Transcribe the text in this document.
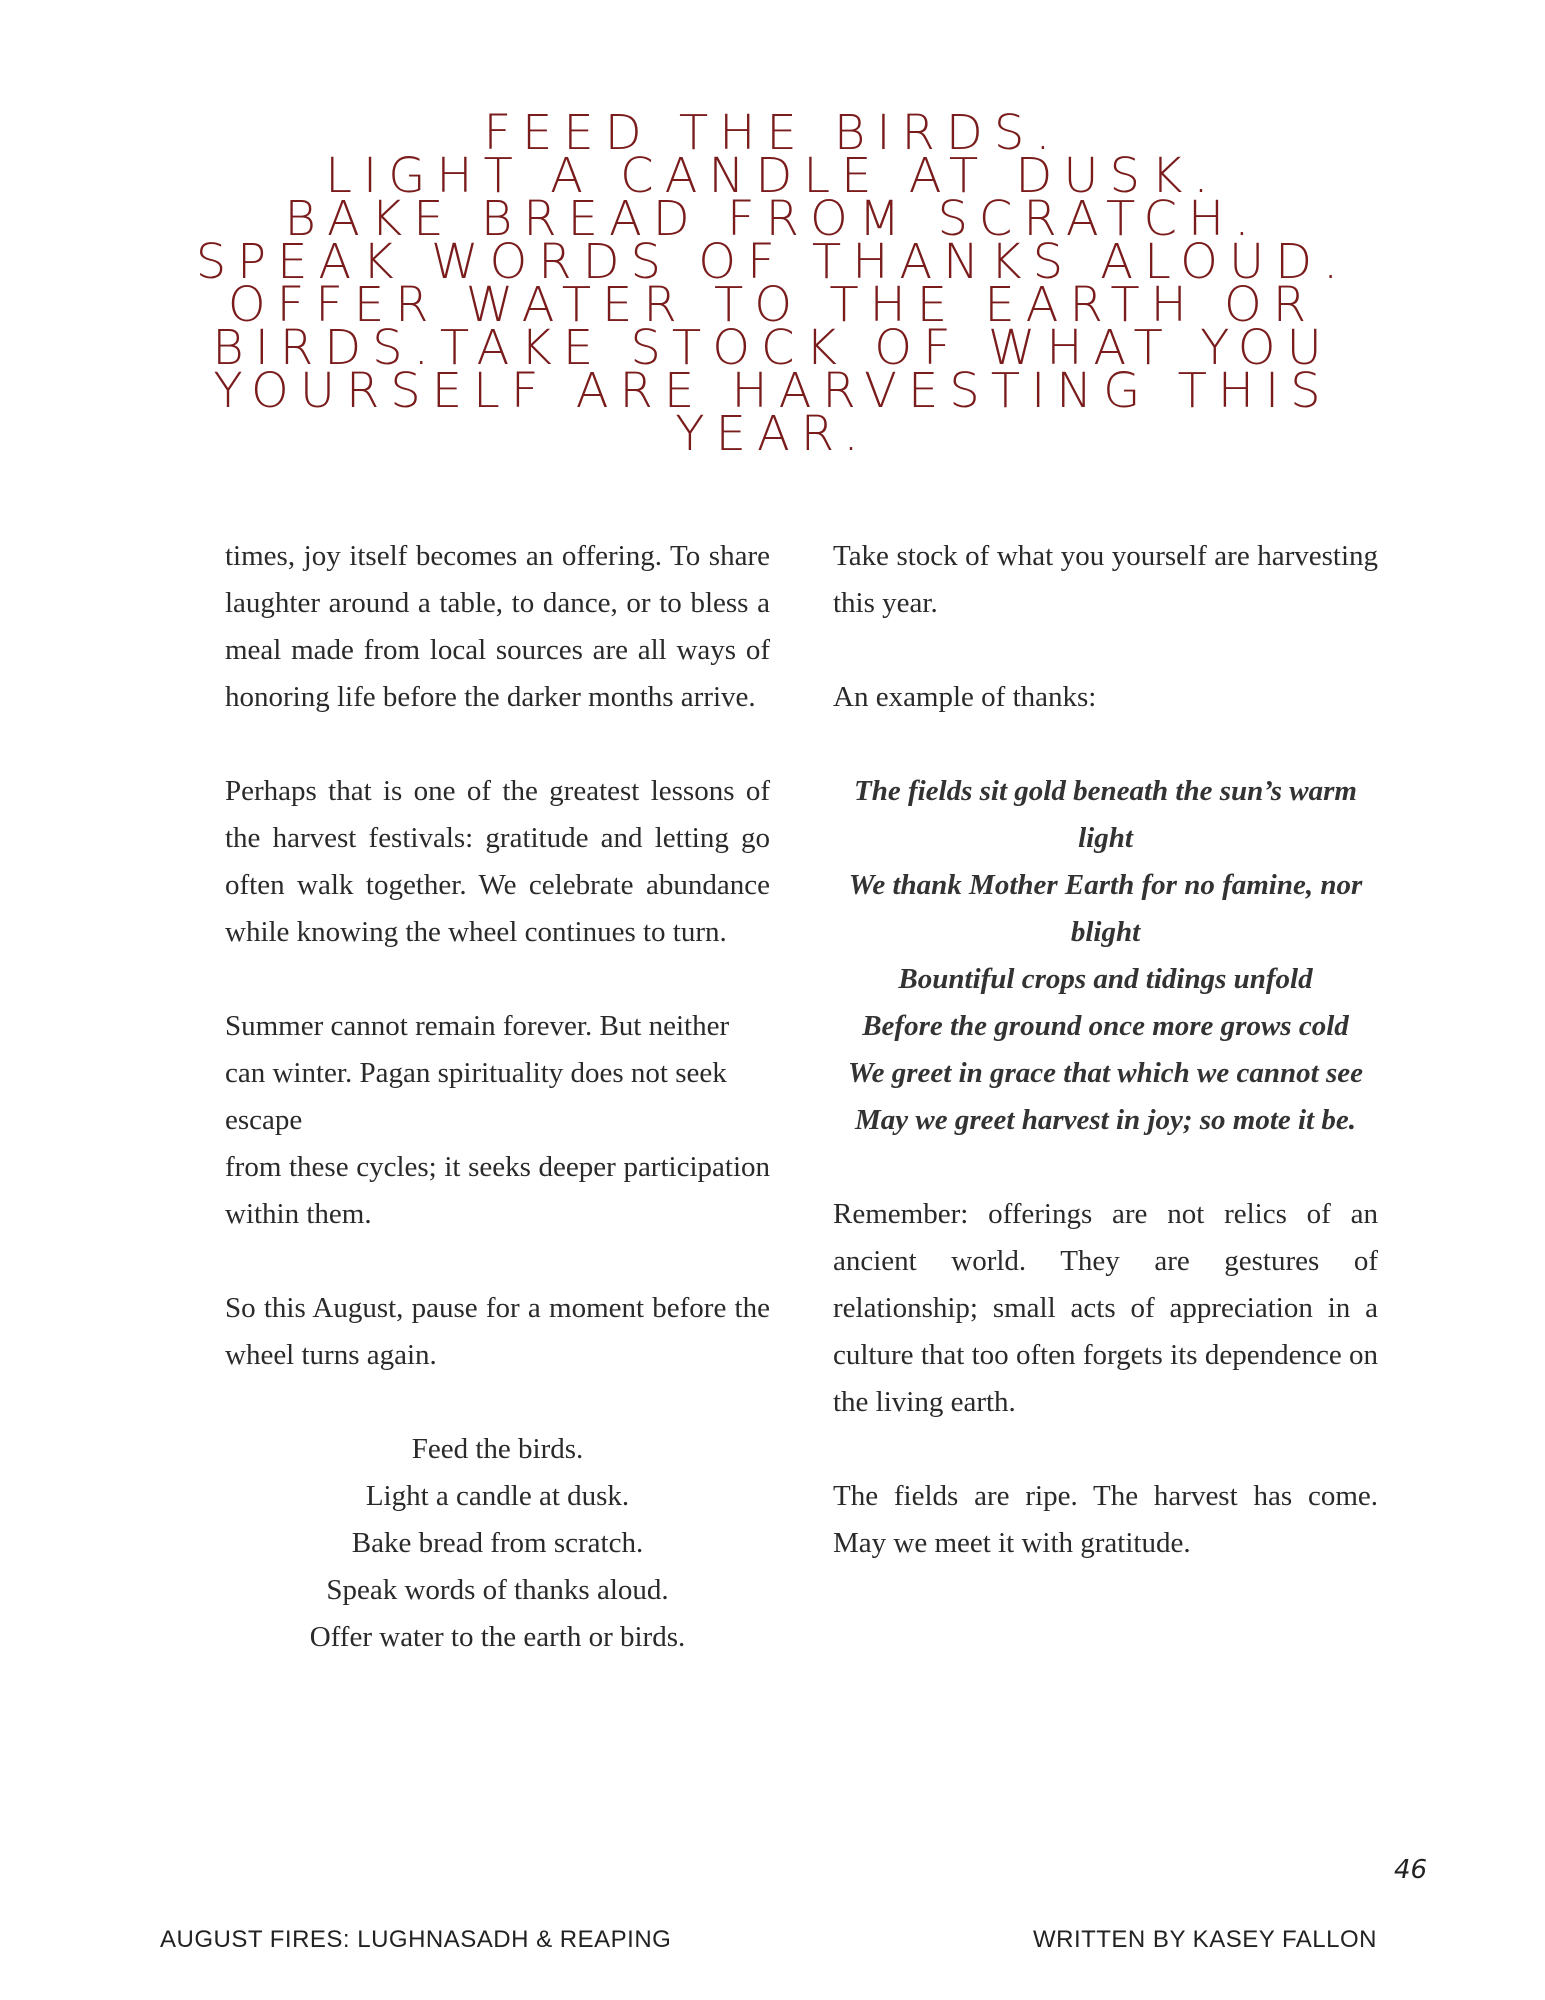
FEED THE BIRDS.
LIGHT A CANDLE AT DUSK.
BAKE BREAD FROM SCRATCH.
SPEAK WORDS OF THANKS ALOUD.
OFFER WATER TO THE EARTH OR
BIRDS.TAKE STOCK OF WHAT YOU
YOURSELF ARE HARVESTING THIS
YEAR.

times, joy itself becomes an offering. To share laughter around a table, to dance, or to bless a meal made from local sources are all ways of honoring life before the darker months arrive.

Perhaps that is one of the greatest lessons of the harvest festivals: gratitude and letting go often walk together. We celebrate abundance while knowing the wheel continues to turn.

Summer cannot remain forever. But neither can winter. Pagan spirituality does not seek escape

from these cycles; it seeks deeper participation within them.

So this August, pause for a moment before the wheel turns again.

Feed the birds.
Light a candle at dusk.
Bake bread from scratch.
Speak words of thanks aloud.
Offer water to the earth or birds.

Take stock of what you yourself are harvesting this year.

An example of thanks:

The fields sit gold beneath the sun’s warm light
We thank Mother Earth for no famine, nor blight
Bountiful crops and tidings unfold
Before the ground once more grows cold
We greet in grace that which we cannot see
May we greet harvest in joy; so mote it be.

Remember: offerings are not relics of an ancient world. They are gestures of relationship; small acts of appreciation in a culture that too often forgets its dependence on the living earth.

The fields are ripe. The harvest has come. May we meet it with gratitude.

46
AUGUST FIRES: LUGHNASADH & REAPING	WRITTEN BY KASEY FALLON
